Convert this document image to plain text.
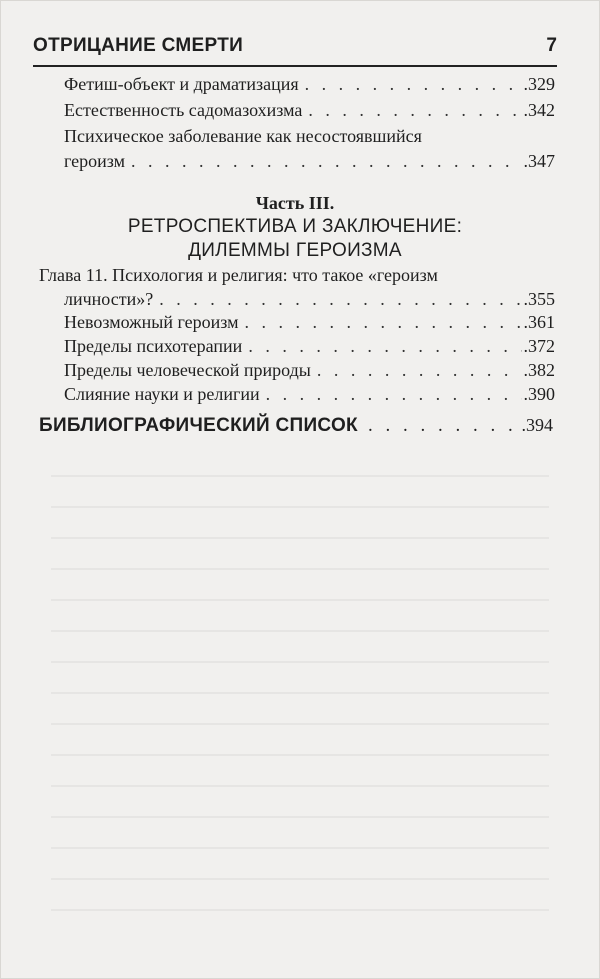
ОТРИЦАНИЕ СМЕРТИ	7
Фетиш-объект и драматизация . . .	.329
Естественность садомазохизма . . .	.342
Психическое заболевание как несостоявшийся
героизм . . .	.347
Часть III.
РЕТРОСПЕКТИВА И ЗАКЛЮЧЕНИЕ:
ДИЛЕММЫ ГЕРОИЗМА
Глава 11. Психология и религия: что такое «героизм
личности»? . . .	.355
Невозможный героизм . . .	.361
Пределы психотерапии . . .	.372
Пределы человеческой природы . . .	.382
Слияние науки и религии . . .	.390
БИБЛИОГРАФИЧЕСКИЙ СПИСОК . . .	.394
